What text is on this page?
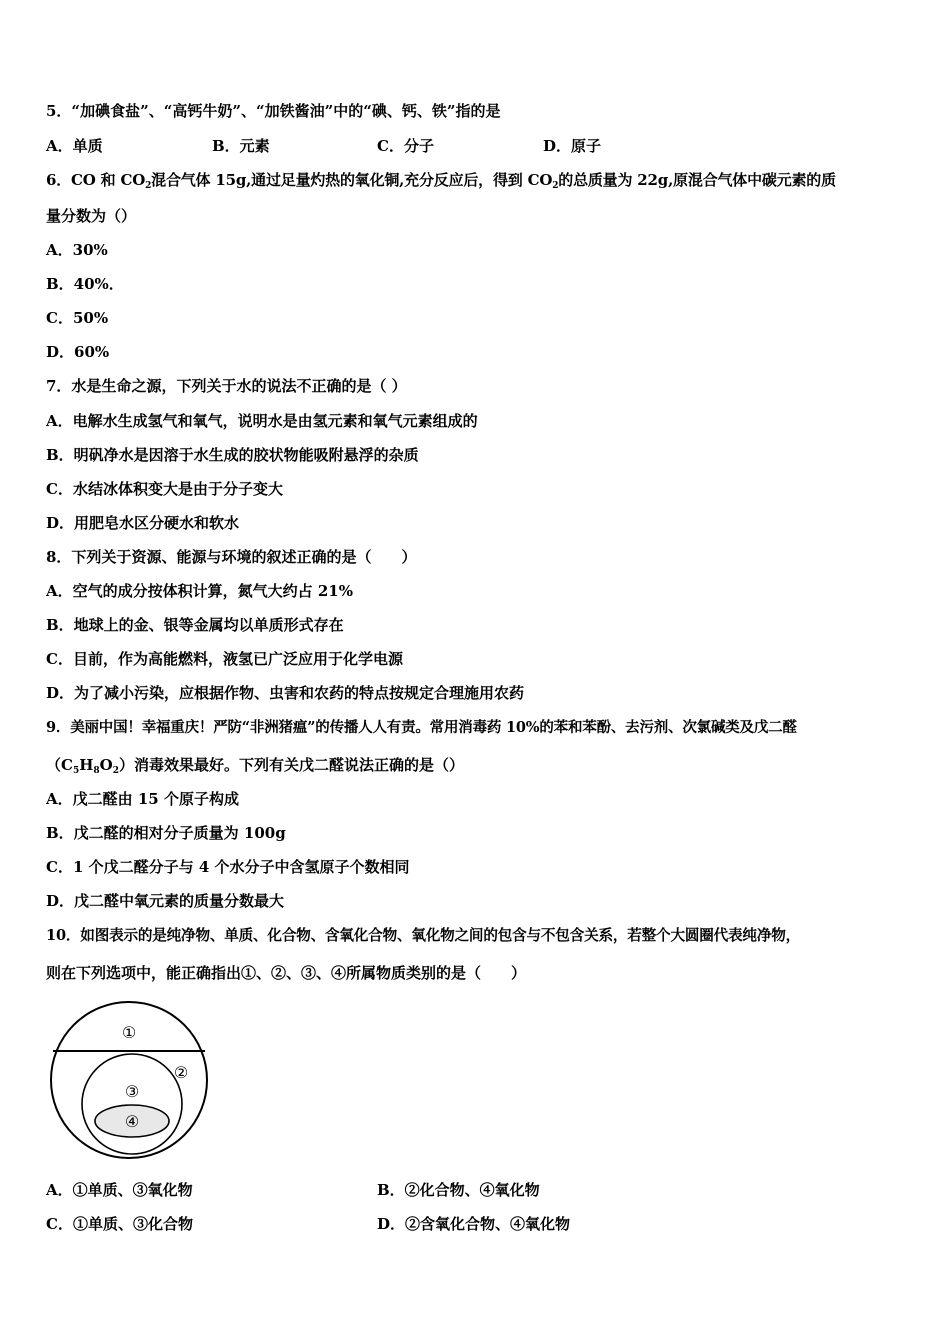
5．“加碘食盐”、“高钙牛奶”、“加铁酱油”中的“碘、钙、铁”指的是
A．单质	B．元素	C．分子	D．原子
6．CO 和 $CO_2$混合气体 15g,通过足量灼热的氧化铜,充分反应后，得到 $CO_2$的总质量为 22g,原混合气体中碳元素的质
量分数为（）
A．30%
B．40%．
C．50%
D．60%
7．水是生命之源，下列关于水的说法不正确的是（ ）
A．电解水生成氢气和氧气，说明水是由氢元素和氧气元素组成的
B．明矾净水是因溶于水生成的胶状物能吸附悬浮的杂质
C．水结冰体积变大是由于分子变大
D．用肥皂水区分硬水和软水
8．下列关于资源、能源与环境的叙述正确的是（　　）
A．空气的成分按体积计算，氮气大约占 21%
B．地球上的金、银等金属均以单质形式存在
C．目前，作为高能燃料，液氢已广泛应用于化学电源
D．为了减小污染，应根据作物、虫害和农药的特点按规定合理施用农药
9．美丽中国！幸福重庆！严防“非洲猪瘟”的传播人人有责。常用消毒药 10%的苯和苯酚、去污剂、次氯碱类及戊二醛
$(C_5H_8O_2)$消毒效果最好。下列有关戊二醛说法正确的是（）
A．戊二醛由 15 个原子构成
B．戊二醛的相对分子质量为 100g
C．1 个戊二醛分子与 4 个水分子中含氢原子个数相同
D．戊二醛中氧元素的质量分数最大
10．如图表示的是纯净物、单质、化合物、含氧化合物、氧化物之间的包含与不包含关系，若整个大圆圈代表纯净物，
则在下列选项中，能正确指出①、②、③、④所属物质类别的是（　　）
①
②
③
④
A．①单质、③氧化物	B．②化合物、④氧化物
C．①单质、③化合物	D．②含氧化合物、④氧化物
